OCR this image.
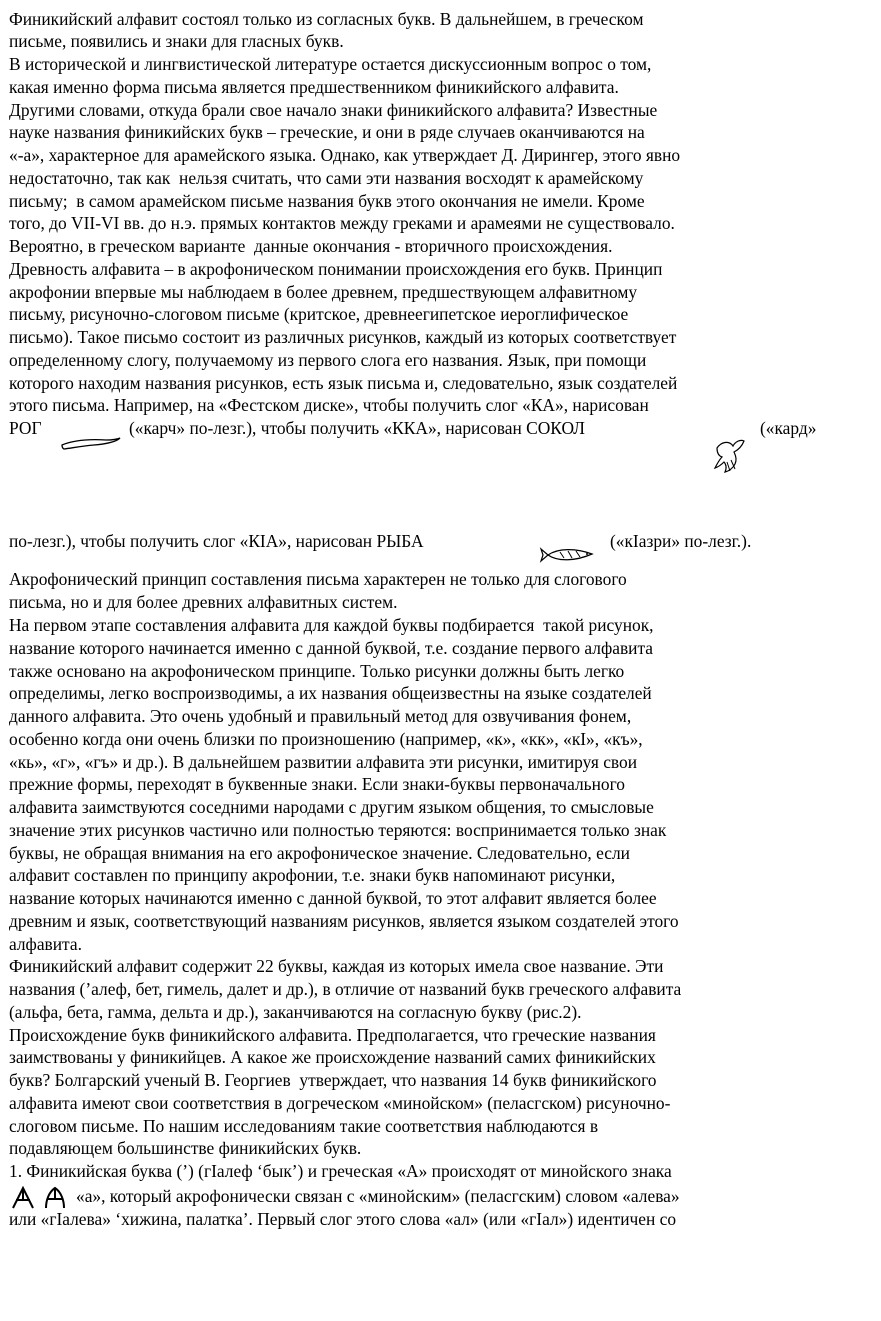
Финикийский алфавит состоял только из согласных букв. В дальнейшем, в греческом
письме, появились и знаки для гласных букв.
В исторической и лингвистической литературе остается дискуссионным вопрос о том,
какая именно форма письма является предшественником финикийского алфавита.
Другими словами, откуда брали свое начало знаки финикийского алфавита? Известные
науке названия финикийских букв – греческие, и они в ряде случаев оканчиваются на
«-а», характерное для арамейского языка. Однако, как утверждает Д. Дирингер, этого явно
недостаточно, так как  нельзя считать, что сами эти названия восходят к арамейскому
письму;  в самом арамейском письме названия букв этого окончания не имели. Кроме
того, до VII-VI вв. до н.э. прямых контактов между греками и арамеями не существовало.
Вероятно, в греческом варианте  данные окончания - вторичного происхождения.
Древность алфавита – в акрофоническом понимании происхождения его букв. Принцип
акрофонии впервые мы наблюдаем в более древнем, предшествующем алфавитному
письму, рисуночно-слоговом письме (критское, древнеегипетское иероглифическое
письмо). Такое письмо состоит из различных рисунков, каждый из которых соответствует
определенному слогу, получаемому из первого слога его названия. Язык, при помощи
которого находим названия рисунков, есть язык письма и, следовательно, язык создателей
этого письма. Например, на «Фестском диске», чтобы получить слог «КА», нарисован
РОГ	(«карч» по-лезг.), чтобы получить «ККА», нарисован СОКОЛ	(«кард»
по-лезг.), чтобы получить слог «КIА», нарисован РЫБА	(«кIазри» по-лезг.).
Акрофонический принцип составления письма характерен не только для слогового
письма, но и для более древних алфавитных систем.
На первом этапе составления алфавита для каждой буквы подбирается  такой рисунок,
название которого начинается именно с данной буквой, т.е. создание первого алфавита
также основано на акрофоническом принципе. Только рисунки должны быть легко
определимы, легко воспроизводимы, а их названия общеизвестны на языке создателей
данного алфавита. Это очень удобный и правильный метод для озвучивания фонем,
особенно когда они очень близки по произношению (например, «к», «кк», «кI», «къ»,
«кь», «г», «гъ» и др.). В дальнейшем развитии алфавита эти рисунки, имитируя свои
прежние формы, переходят в буквенные знаки. Если знаки-буквы первоначального
алфавита заимствуются соседними народами с другим языком общения, то смысловые
значение этих рисунков частично или полностью теряются: воспринимается только знак
буквы, не обращая внимания на его акрофоническое значение. Следовательно, если
алфавит составлен по принципу акрофонии, т.е. знаки букв напоминают рисунки,
название которых начинаются именно с данной буквой, то этот алфавит является более
древним и язык, соответствующий названиям рисунков, является языком создателей этого
алфавита.
Финикийский алфавит содержит 22 буквы, каждая из которых имела свое название. Эти
названия (’алеф, бет, гимель, далет и др.), в отличие от названий букв греческого алфавита
(альфа, бета, гамма, дельта и др.), заканчиваются на согласную букву (рис.2).
Происхождение букв финикийского алфавита. Предполагается, что греческие названия
заимствованы у финикийцев. А какое же происхождение названий самих финикийских
букв? Болгарский ученый В. Георгиев  утверждает, что названия 14 букв финикийского
алфавита имеют свои соответствия в догреческом «минойском» (пеласгском) рисуночно-
слоговом письме. По нашим исследованиям такие соответствия наблюдаются в
подавляющем большинстве финикийских букв.
1. Финикийская буква (’) (гIалеф ‘бык’) и греческая «А» происходят от минойского знака
«а», который акрофонически связан с «минойским» (пеласгским) словом «алева»
или «гIалева» ‘хижина, палатка’. Первый слог этого слова «ал» (или «гIал») идентичен со
